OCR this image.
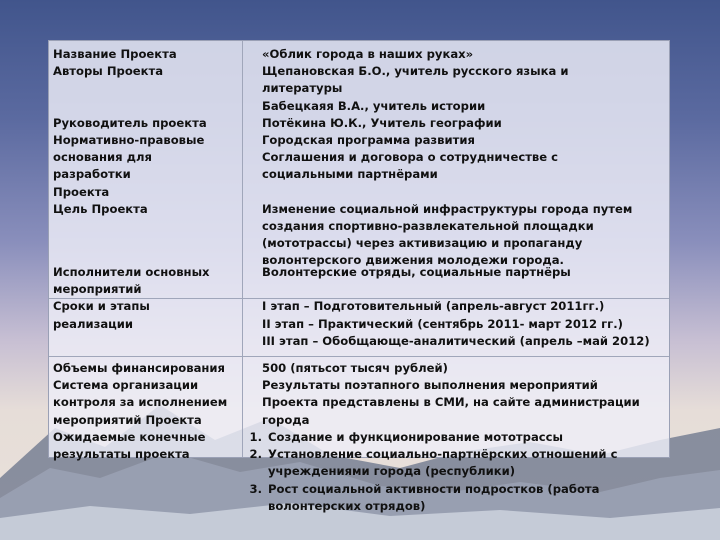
Название Проекта
Авторы Проекта
Руководитель проекта
Нормативно-правовые
основания для
разработки
Проекта
Цель Проекта
«Облик города в наших руках»
Щепановская Б.О., учитель русского языка и
литературы
Бабецкаяя В.А., учитель истории
Потёкина Ю.К., Учитель географии
Городская программа развития
Соглашения и договора о сотрудничестве с
социальными партнёрами
Изменение социальной инфраструктуры города путем
создания спортивно-развлекательной площадки
(мототрассы) через активизацию и пропаганду
волонтерского движения молодежи города.
Исполнители основных
мероприятий
Сроки и этапы
реализации
Волонтерские отряды, социальные партнёры
I этап – Подготовительный (апрель-август 2011гг.)
II этап – Практический (сентябрь 2011- март 2012 гг.)
III этап – Обобщающе-аналитический (апрель –май 2012)
Объемы финансирования
Система организации
контроля за исполнением
мероприятий Проекта
Ожидаемые конечные
результаты проекта
500 (пятьсот тысяч рублей)
Результаты поэтапного выполнения мероприятий
Проекта представлены в СМИ, на сайте администрации
города
1. Создание и функционирование мототрассы
2. Установление социально-партнёрских отношений с
учреждениями города (республики)
3. Рост социальной активности подростков (работа
волонтерских отрядов)
